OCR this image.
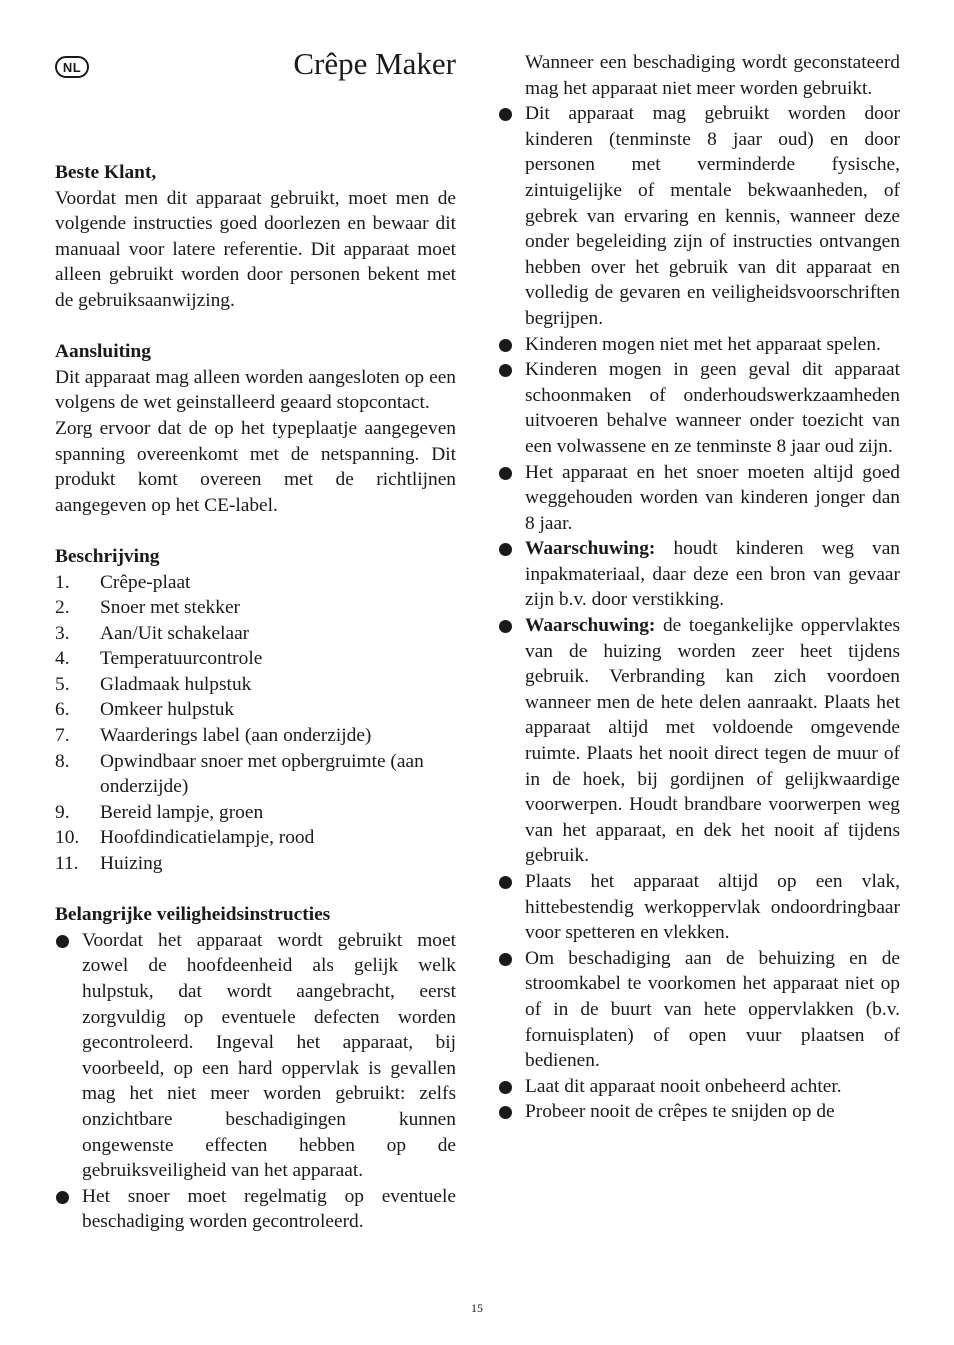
NL	Crêpe Maker
Beste Klant,
Voordat men dit apparaat gebruikt, moet men de volgende instructies goed doorlezen en bewaar dit manuaal voor latere referentie. Dit apparaat moet alleen gebruikt worden door personen bekent met de gebruiksaanwijzing.
Aansluiting
Dit apparaat mag alleen worden aangesloten op een volgens de wet geinstalleerd geaard stopcontact.
Zorg ervoor dat de op het typeplaatje aangegeven spanning overeenkomt met de netspanning. Dit produkt komt overeen met de richtlijnen aangegeven op het CE-label.
Beschrijving
1.	Crêpe-plaat
2.	Snoer met stekker
3.	Aan/Uit schakelaar
4.	Temperatuurcontrole
5.	Gladmaak hulpstuk
6.	Omkeer hulpstuk
7.	Waarderings label (aan onderzijde)
8.	Opwindbaar snoer met opbergruimte (aan onderzijde)
9.	Bereid lampje, groen
10.	Hoofdindicatielampje, rood
11.	Huizing
Belangrijke veiligheidsinstructies
Voordat het apparaat wordt gebruikt moet zowel de hoofdeenheid als gelijk welk hulpstuk, dat wordt aangebracht, eerst zorgvuldig op eventuele defecten worden gecontroleerd. Ingeval het apparaat, bij voorbeeld, op een hard oppervlak is gevallen mag het niet meer worden gebruikt: zelfs onzichtbare beschadigingen kunnen ongewenste effecten hebben op de gebruiksveiligheid van het apparaat.
Het snoer moet regelmatig op eventuele beschadiging worden gecontroleerd.
Wanneer een beschadiging wordt geconstateerd mag het apparaat niet meer worden gebruikt.
Dit apparaat mag gebruikt worden door kinderen (tenminste 8 jaar oud) en door personen met verminderde fysische, zintuigelijke of mentale bekwaanheden, of gebrek van ervaring en kennis, wanneer deze onder begeleiding zijn of instructies ontvangen hebben over het gebruik van dit apparaat en volledig de gevaren en veiligheidsvoorschriften begrijpen.
Kinderen mogen niet met het apparaat spelen.
Kinderen mogen in geen geval dit apparaat schoonmaken of onderhoudswerkzaamheden uitvoeren behalve wanneer onder toezicht van een volwassene en ze tenminste 8 jaar oud zijn.
Het apparaat en het snoer moeten altijd goed weggehouden worden van kinderen jonger dan 8 jaar.
Waarschuwing: houdt kinderen weg van inpakmateriaal, daar deze een bron van gevaar zijn b.v. door verstikking.
Waarschuwing: de toegankelijke oppervlaktes van de huizing worden zeer heet tijdens gebruik. Verbranding kan zich voordoen wanneer men de hete delen aanraakt. Plaats het apparaat altijd met voldoende omgevende ruimte. Plaats het nooit direct tegen de muur of in de hoek, bij gordijnen of gelijkwaardige voorwerpen. Houdt brandbare voorwerpen weg van het apparaat, en dek het nooit af tijdens gebruik.
Plaats het apparaat altijd op een vlak, hittebestendig werkoppervlak ondoordringbaar voor spetteren en vlekken.
Om beschadiging aan de behuizing en de stroomkabel te voorkomen het apparaat niet op of in de buurt van hete oppervlakken (b.v. fornuisplaten) of open vuur plaatsen of bedienen.
Laat dit apparaat nooit onbeheerd achter.
Probeer nooit de crêpes te snijden op de
15
